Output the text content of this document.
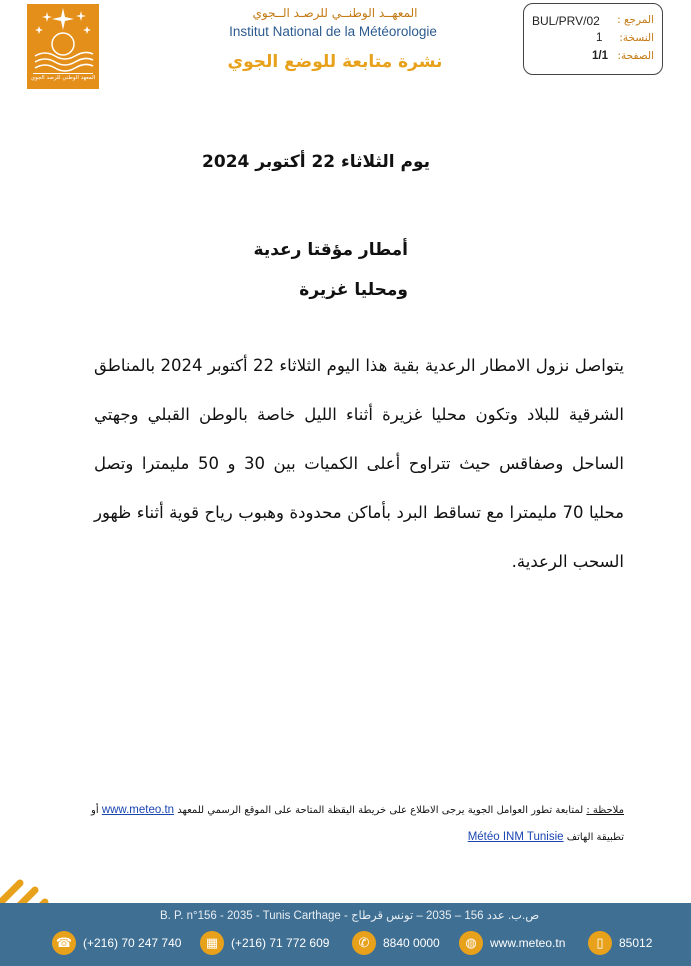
المعهد الوطني للرصد الجوي
المعهــد الوطنــي للرصـد الــجوي
Institut National de la Météorologie
نشرة متابعة للوضع الجوي
BUL/PRV/02 المرجع :
1 النسخة:
1/1 الصفحة:
يوم الثلاثاء 22 أكتوبر 2024
أمطار مؤقتا رعدية
ومحليا غزيرة
يتواصل نزول الامطار الرعدية بقية هذا اليوم الثلاثاء 22 أكتوبر 2024 بالمناطق الشرقية للبلاد وتكون محليا غزيرة أثناء الليل خاصة بالوطن القبلي وجهتي الساحل وصفاقس حيث تتراوح أعلى الكميات بين 30 و 50 مليمترا وتصل محليا 70 مليمترا مع تساقط البرد بأماكن محدودة وهبوب رياح قوية أثناء ظهور السحب الرعدية.
ملاحظة : لمتابعة تطور العوامل الجوية يرجى الاطلاع على خريطة اليقظة المتاحة على الموقع الرسمي للمعهد www.meteo.tn أو
تطبيقة الهاتف Météo INM Tunisie
B. P. n°156 - 2035 - Tunis Carthage - ص.ب. عدد 156 – 2035 – تونس قرطاج
☎ (+216) 70 247 740	▦	(+216) 71 772 609	✆	8840 0000	◍	www.meteo.tn	▯	85012
